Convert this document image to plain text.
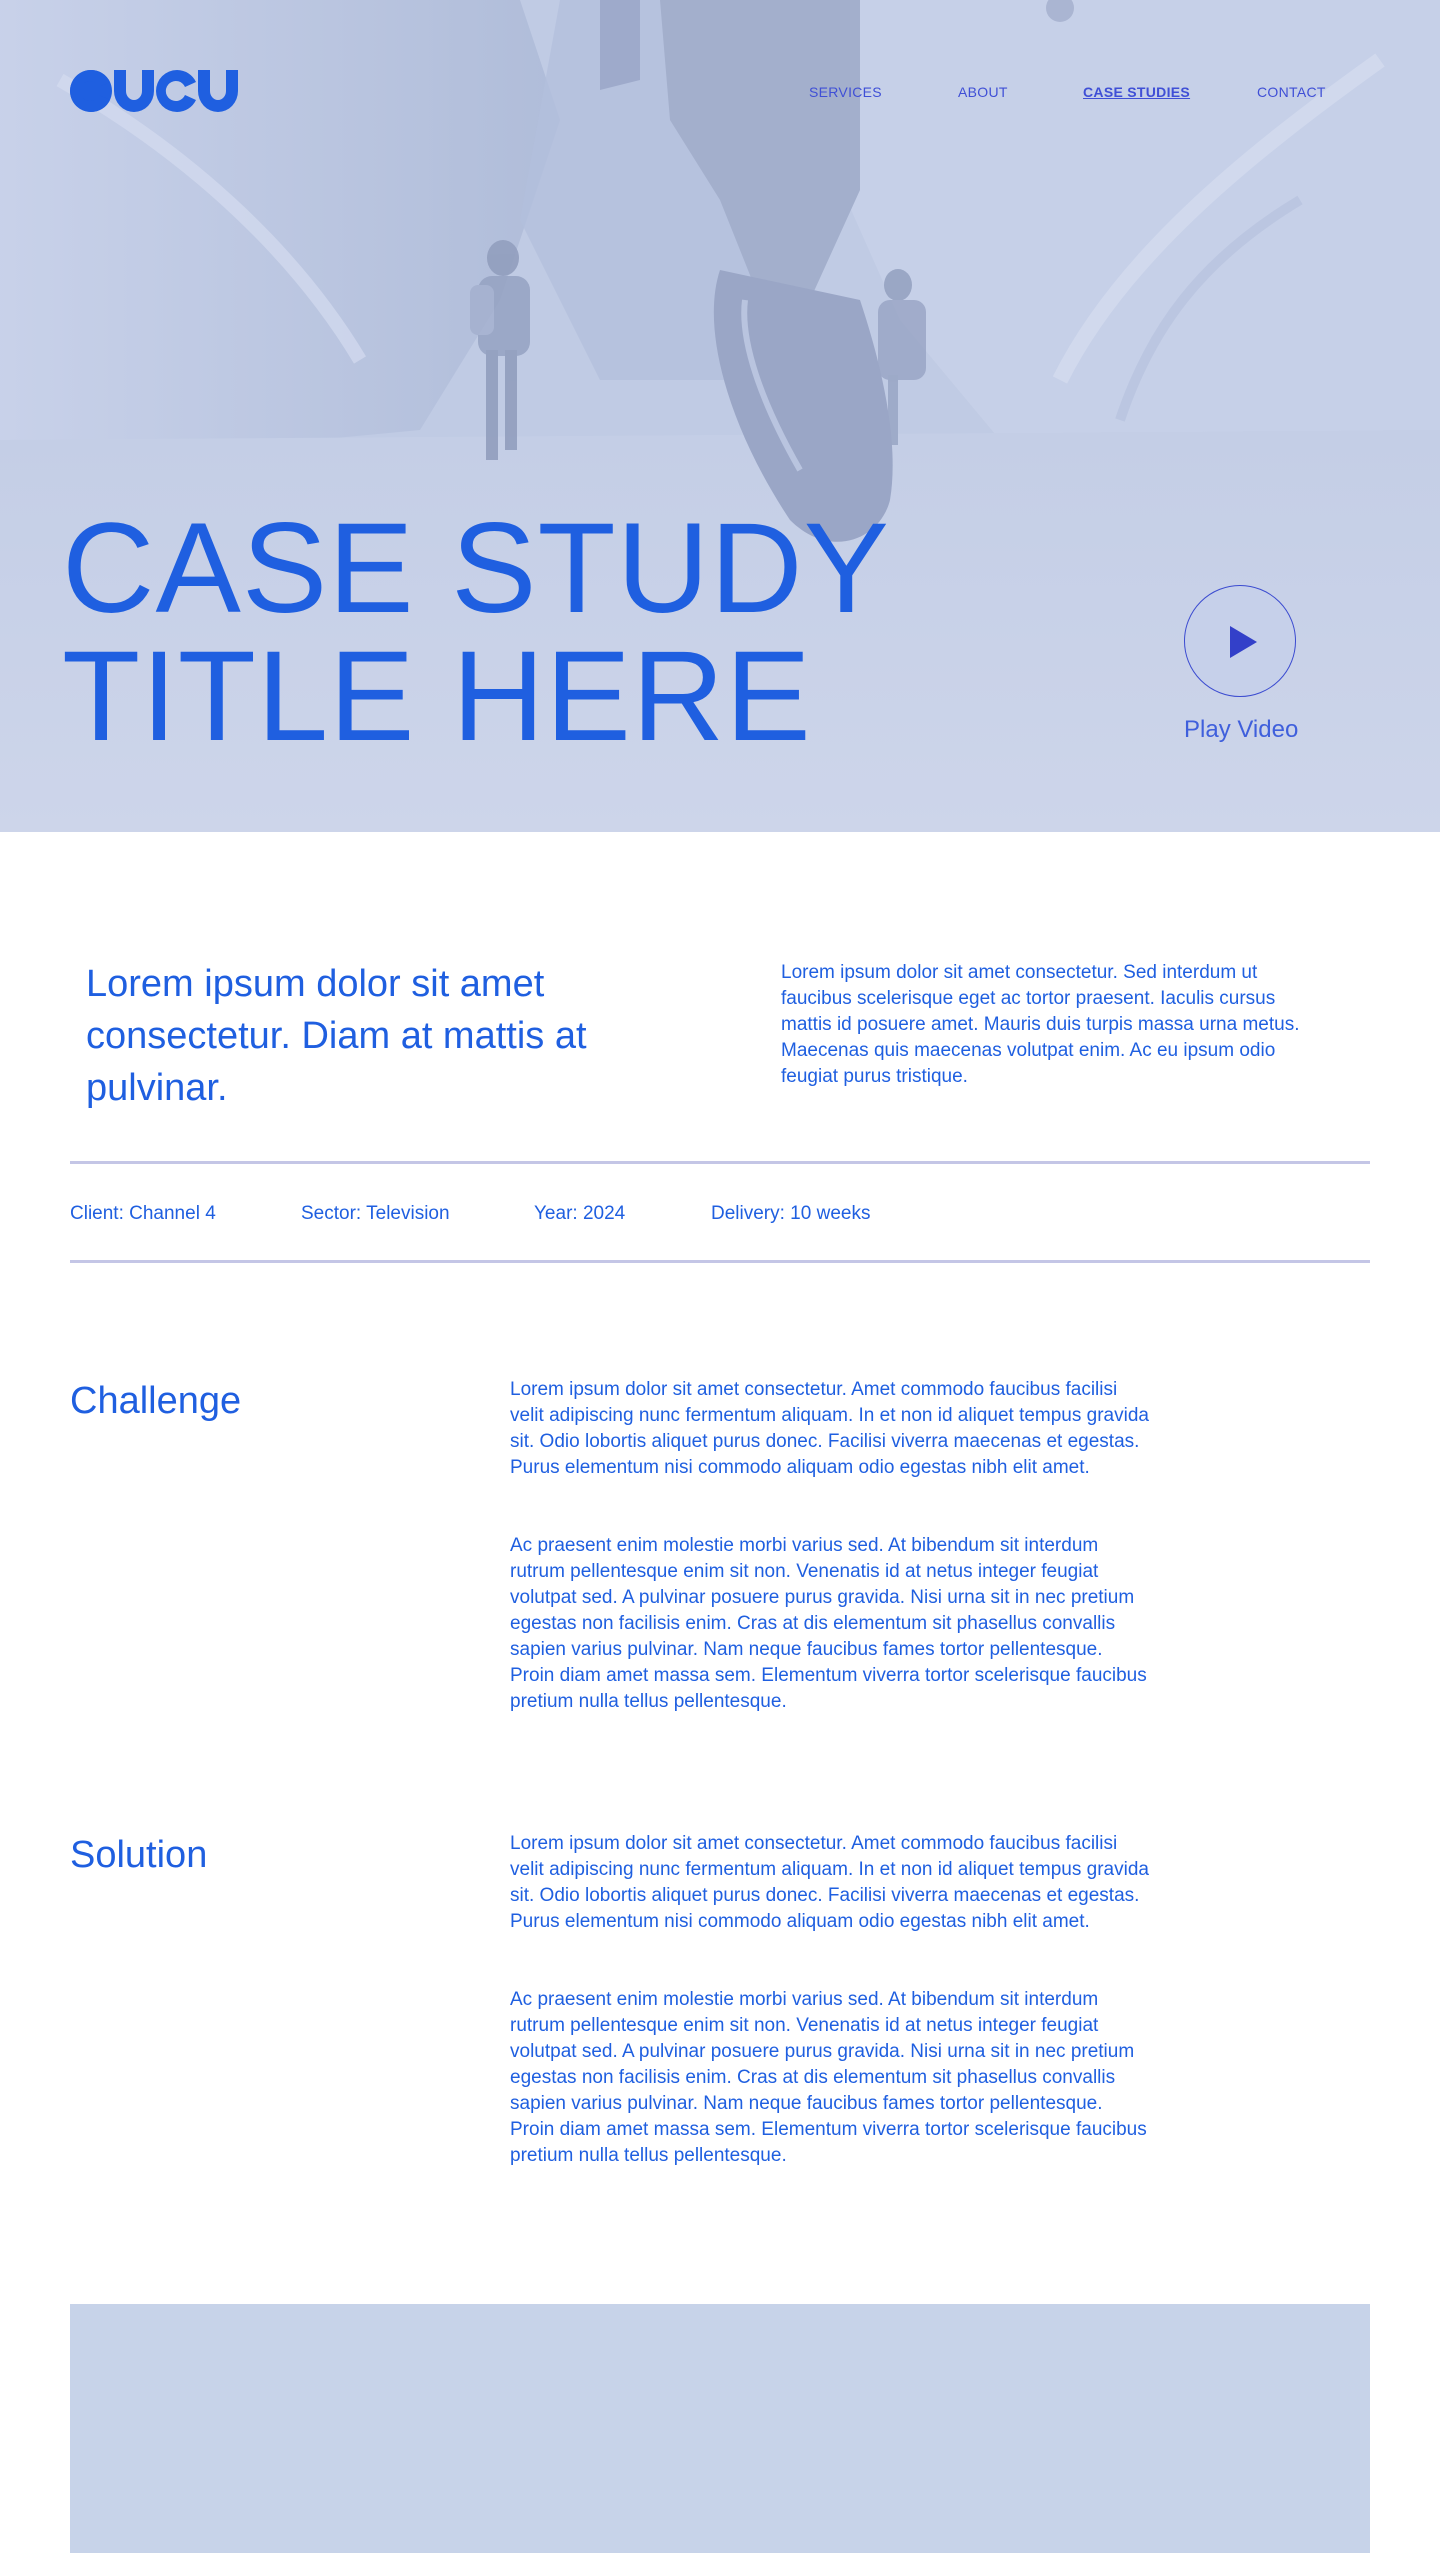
SERVICES	ABOUT	CASE STUDIES	CONTACT
CASE STUDY
TITLE HERE	Play Video

Lorem ipsum dolor sit amet consectetur. Diam at mattis at pulvinar.

Lorem ipsum dolor sit amet consectetur. Sed interdum ut faucibus scelerisque eget ac tortor praesent. Iaculis cursus mattis id posuere amet. Mauris duis turpis massa urna metus. Maecenas quis maecenas volutpat enim. Ac eu ipsum odio feugiat purus tristique.

Client: Channel 4	Sector: Television	Year: 2024	Delivery: 10 weeks
Challenge	Lorem ipsum dolor sit amet consectetur. Amet commodo faucibus facilisi velit adipiscing nunc fermentum aliquam. In et non id aliquet tempus gravida sit. Odio lobortis aliquet purus donec. Facilisi viverra maecenas et egestas. Purus elementum nisi commodo aliquam odio egestas nibh elit amet.

Ac praesent enim molestie morbi varius sed. At bibendum sit interdum rutrum pellentesque enim sit non. Venenatis id at netus integer feugiat volutpat sed. A pulvinar posuere purus gravida. Nisi urna sit in nec pretium egestas non facilisis enim. Cras at dis elementum sit phasellus convallis sapien varius pulvinar. Nam neque faucibus fames tortor pellentesque. Proin diam amet massa sem. Elementum viverra tortor scelerisque faucibus pretium nulla tellus pellentesque.

Solution	Lorem ipsum dolor sit amet consectetur. Amet commodo faucibus facilisi velit adipiscing nunc fermentum aliquam. In et non id aliquet tempus gravida sit. Odio lobortis aliquet purus donec. Facilisi viverra maecenas et egestas. Purus elementum nisi commodo aliquam odio egestas nibh elit amet.

Ac praesent enim molestie morbi varius sed. At bibendum sit interdum rutrum pellentesque enim sit non. Venenatis id at netus integer feugiat volutpat sed. A pulvinar posuere purus gravida. Nisi urna sit in nec pretium egestas non facilisis enim. Cras at dis elementum sit phasellus convallis sapien varius pulvinar. Nam neque faucibus fames tortor pellentesque. Proin diam amet massa sem. Elementum viverra tortor scelerisque faucibus pretium nulla tellus pellentesque.
